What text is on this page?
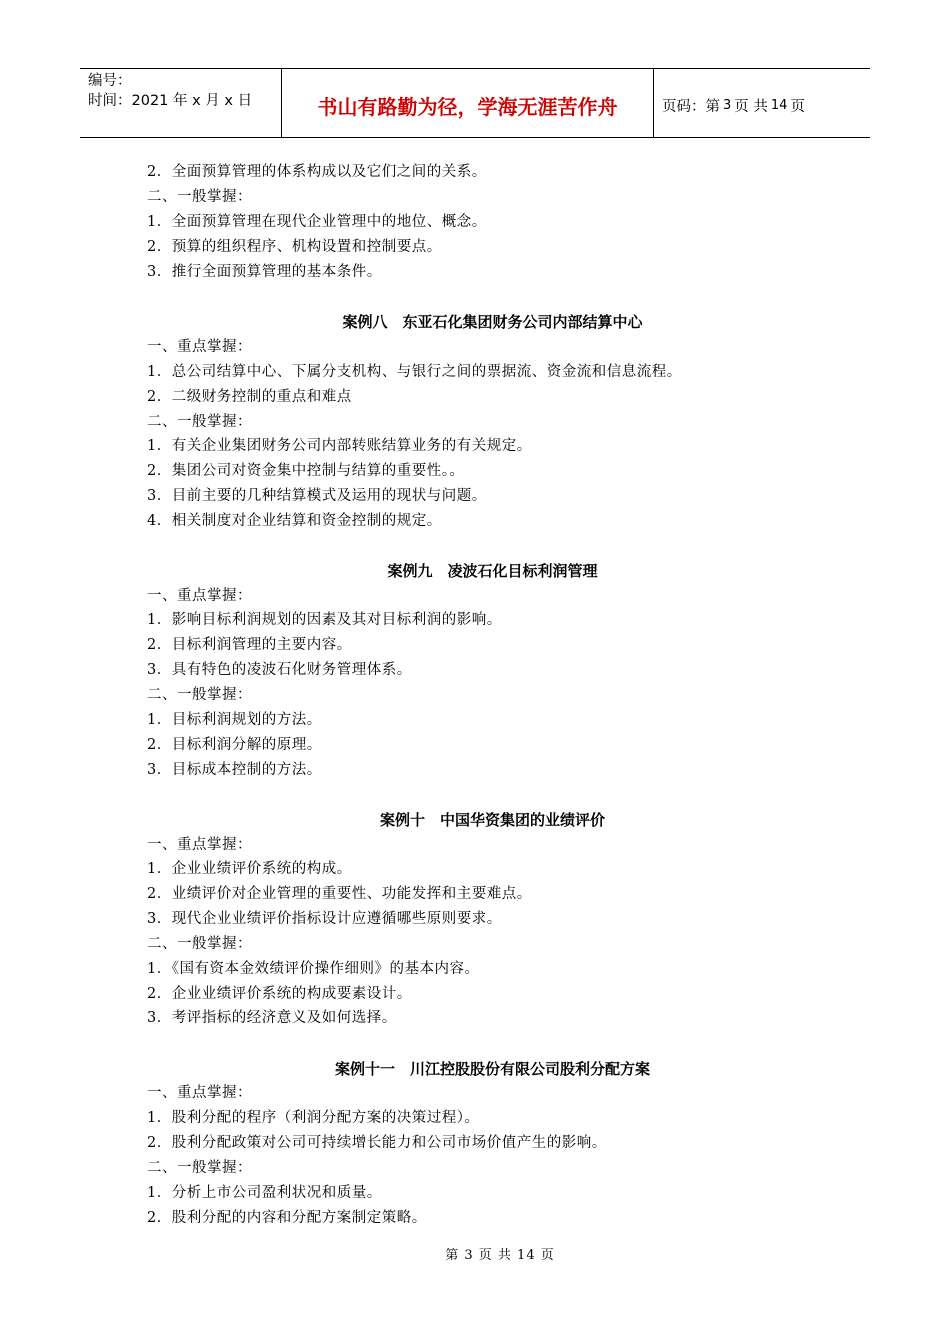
编号：
时间：2021 年 x 月 x 日	书山有路勤为径，学海无涯苦作舟	页码：第 3 页 共 14 页
2．全面预算管理的体系构成以及它们之间的关系。
二、一般掌握：
1．全面预算管理在现代企业管理中的地位、概念。
2．预算的组织程序、机构设置和控制要点。
3．推行全面预算管理的基本条件。
案例八　东亚石化集团财务公司内部结算中心
一、重点掌握：
1．总公司结算中心、下属分支机构、与银行之间的票据流、资金流和信息流程。
2．二级财务控制的重点和难点
二、一般掌握：
1．有关企业集团财务公司内部转账结算业务的有关规定。
2．集团公司对资金集中控制与结算的重要性。。
3．目前主要的几种结算模式及运用的现状与问题。
4．相关制度对企业结算和资金控制的规定。
案例九　凌波石化目标利润管理
一、重点掌握：
1．影响目标利润规划的因素及其对目标利润的影响。
2．目标利润管理的主要内容。
3．具有特色的凌波石化财务管理体系。
二、一般掌握：
1．目标利润规划的方法。
2．目标利润分解的原理。
3．目标成本控制的方法。
案例十　中国华资集团的业绩评价
一、重点掌握：
1．企业业绩评价系统的构成。
2．业绩评价对企业管理的重要性、功能发挥和主要难点。
3．现代企业业绩评价指标设计应遵循哪些原则要求。
二、一般掌握：
1．《国有资本金效绩评价操作细则》的基本内容。
2．企业业绩评价系统的构成要素设计。
3．考评指标的经济意义及如何选择。
案例十一　川江控股股份有限公司股利分配方案
一、重点掌握：
1．股利分配的程序（利润分配方案的决策过程）。
2．股利分配政策对公司可持续增长能力和公司市场价值产生的影响。
二、一般掌握：
1．分析上市公司盈利状况和质量。
2．股利分配的内容和分配方案制定策略。
第 3 页 共 14 页
